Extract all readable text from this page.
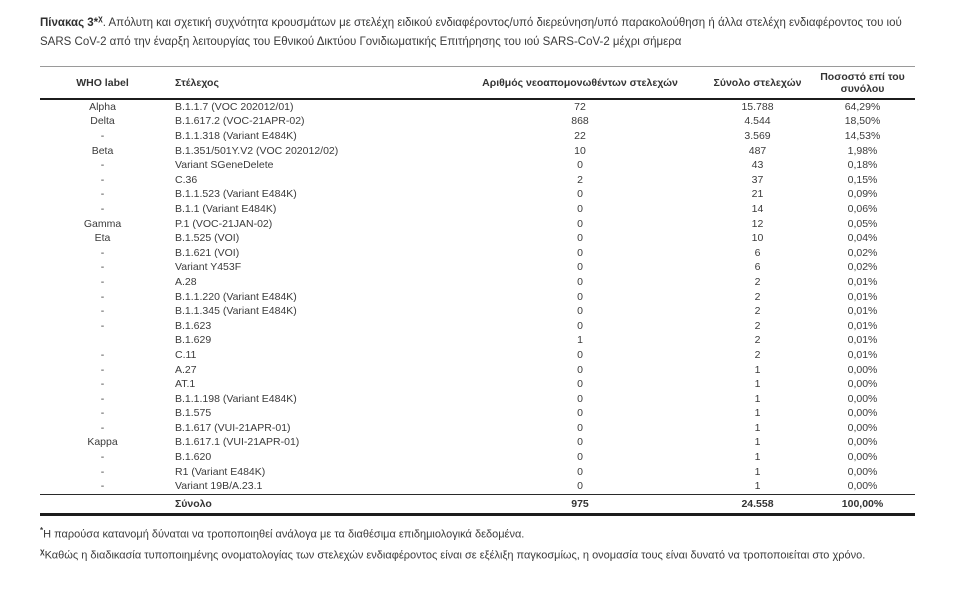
Πίνακας 3*$^\chi$. Απόλυτη και σχετική συχνότητα κρουσμάτων με στελέχη ειδικού ενδιαφέροντος/υπό διερεύνηση/υπό παρακολούθηση ή άλλα στελέχη ενδιαφέροντος του ιού SARS CoV-2 από την έναρξη λειτουργίας του Εθνικού Δικτύου Γονιδιωματικής Επιτήρησης του ιού SARS-CoV-2 μέχρι σήμερα

WHO label	Στέλεχος	Αριθμός νεοαπομονωθέντων στελεχών	Σύνολο στελεχών	Ποσοστό επί του συνόλου
Alpha	B.1.1.7 (VOC 202012/01)	72	15.788	64,29%
Delta	B.1.617.2 (VOC-21APR-02)	868	4.544	18,50%
-	B.1.1.318 (Variant E484K)	22	3.569	14,53%
Beta	B.1.351/501Y.V2 (VOC 202012/02)	10	487	1,98%
-	Variant SGeneDelete	0	43	0,18%
-	C.36	2	37	0,15%
-	B.1.1.523 (Variant E484K)	0	21	0,09%
-	B.1.1 (Variant E484K)	0	14	0,06%
Gamma	P.1 (VOC-21JAN-02)	0	12	0,05%
Eta	B.1.525 (VOI)	0	10	0,04%
-	B.1.621 (VOI)	0	6	0,02%
-	Variant Y453F	0	6	0,02%
-	A.28	0	2	0,01%
-	B.1.1.220 (Variant E484K)	0	2	0,01%
-	B.1.1.345 (Variant E484K)	0	2	0,01%
-	B.1.623	0	2	0,01%
	B.1.629	1	2	0,01%
-	C.11	0	2	0,01%
-	A.27	0	1	0,00%
-	AT.1	0	1	0,00%
-	B.1.1.198 (Variant E484K)	0	1	0,00%
-	B.1.575	0	1	0,00%
-	B.1.617 (VUI-21APR-01)	0	1	0,00%
Kappa	B.1.617.1 (VUI-21APR-01)	0	1	0,00%
-	B.1.620	0	1	0,00%
-	R1 (Variant E484K)	0	1	0,00%
-	Variant 19B/A.23.1	0	1	0,00%
	Σύνολο	975	24.558	100,00%

*Η παρούσα κατανομή δύναται να τροποποιηθεί ανάλογα με τα διαθέσιμα επιδημιολογικά δεδομένα.

$^\chi$Καθώς η διαδικασία τυποποιημένης ονοματολογίας των στελεχών ενδιαφέροντος είναι σε εξέλιξη παγκοσμίως, η ονομασία τους είναι δυνατό να τροποποιείται στο χρόνο.
